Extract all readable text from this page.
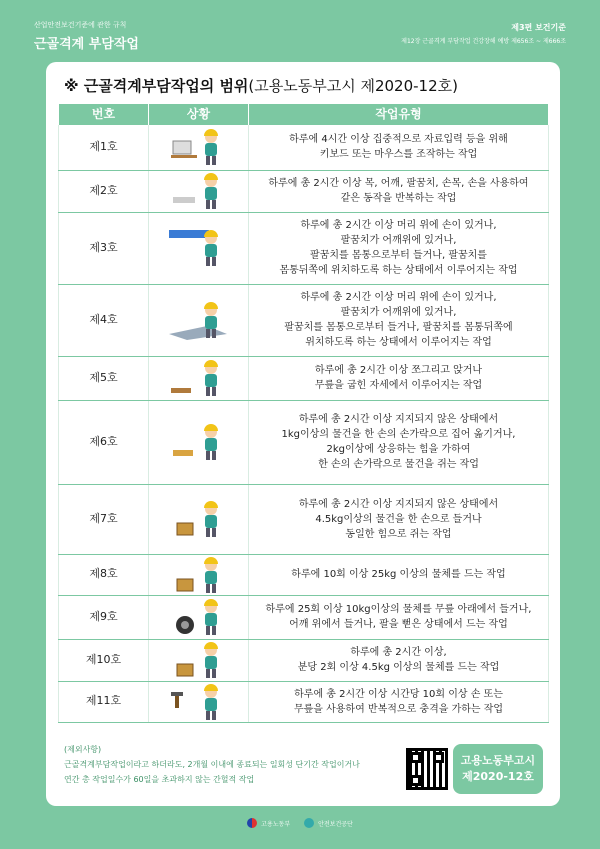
산업안전보건기준에 관한 규칙
근골격계 부담작업
제3편 보건기준
제12장 근골격계 부담작업 건강장해 예방 제656조 ~ 제666조
※ 근골격계부담작업의 범위(고용노동부고시 제2020-12호)
번호	상황	작업유형
제1호		하루에 4시간 이상 집중적으로 자료입력 등을 위해
키보드 또는 마우스를 조작하는 작업
제2호		하루에 총 2시간 이상 목, 어깨, 팔꿈치, 손목, 손을 사용하여
같은 동작을 반복하는 작업
제3호		하루에 총 2시간 이상 머리 위에 손이 있거나,
팔꿈치가 어깨위에 있거나,
팔꿈치를 몸통으로부터 들거나, 팔꿈치를
몸통뒤쪽에 위치하도록 하는 상태에서 이루어지는 작업
제4호		하루에 총 2시간 이상 머리 위에 손이 있거나,
팔꿈치가 어깨위에 있거나,
팔꿈치를 몸통으로부터 들거나, 팔꿈치를 몸통뒤쪽에
위치하도록 하는 상태에서 이루어지는 작업
제5호		하루에 총 2시간 이상 쪼그리고 앉거나
무릎을 굽힌 자세에서 이루어지는 작업
제6호		하루에 총 2시간 이상 지지되지 않은 상태에서
1kg이상의 물건을 한 손의 손가락으로 집어 옮기거나,
2kg이상에 상응하는 힘을 가하여
한 손의 손가락으로 물건을 쥐는 작업
제7호		하루에 총 2시간 이상 지지되지 않은 상태에서
4.5kg이상의 물건을 한 손으로 들거나
동일한 힘으로 쥐는 작업
제8호		하루에 10회 이상 25kg 이상의 물체를 드는 작업
제9호		하루에 25회 이상 10kg이상의 물체를 무릎 아래에서 들거나,
어깨 위에서 들거나, 팔을 뻗은 상태에서 드는 작업
제10호		하루에 총 2시간 이상,
분당 2회 이상 4.5kg 이상의 물체를 드는 작업
제11호		하루에 총 2시간 이상 시간당 10회 이상 손 또는
무릎을 사용하여 반복적으로 충격을 가하는 작업
(제외사항)
근골격계부담작업이라고 하더라도, 2개월 이내에 종료되는 일회성 단기간 작업이거나
연간 총 작업일수가 60일을 초과하지 않는 간헐적 작업
고용노동부고시
제2020-12호
고용노동부
	안전보건공단
